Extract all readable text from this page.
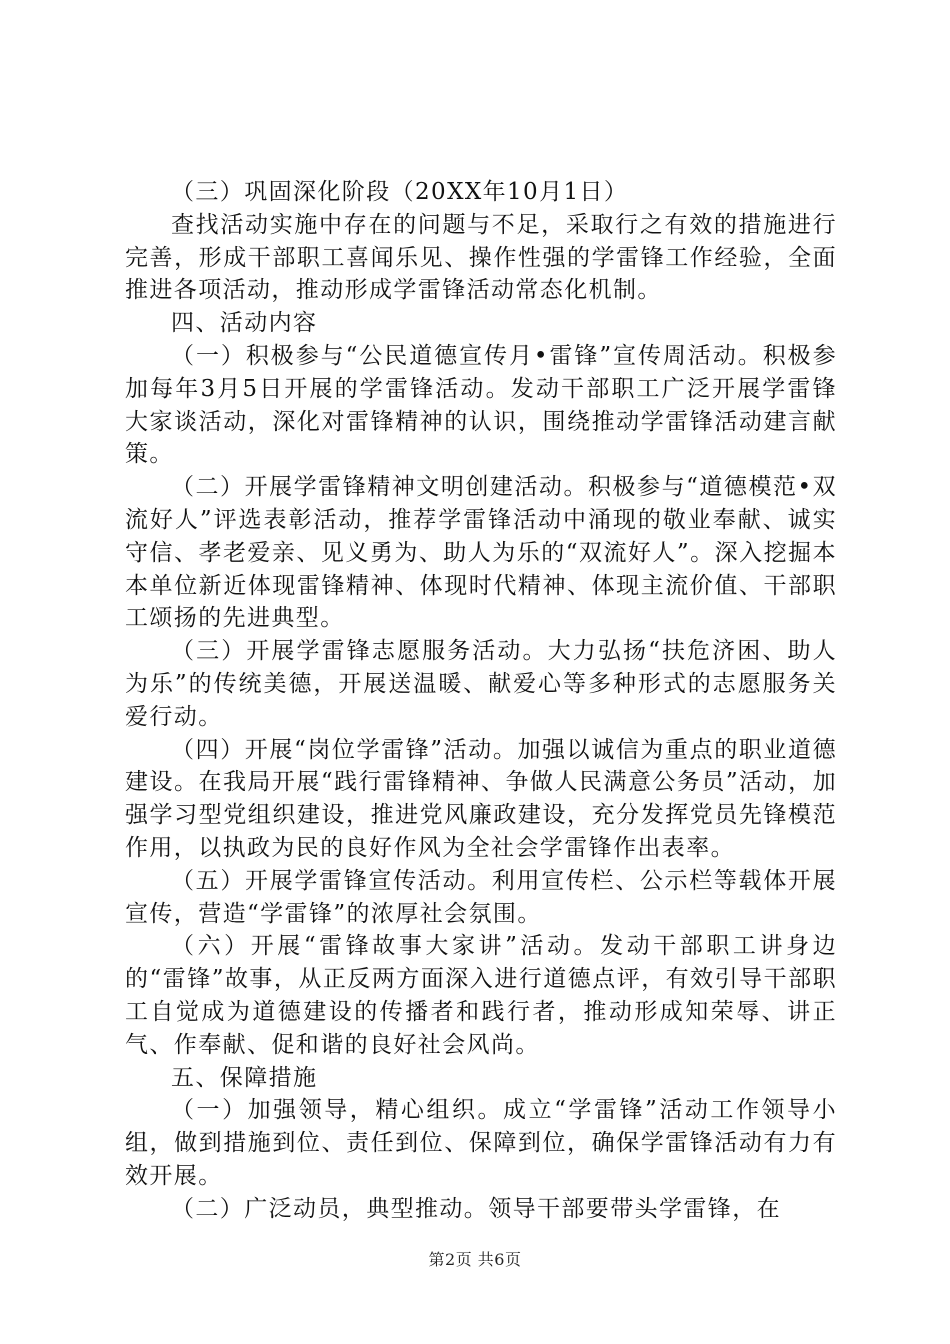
（三）巩固深化阶段（20XX年10月1日）

查找活动实施中存在的问题与不足，采取行之有效的措施进行完善，形成干部职工喜闻乐见、操作性强的学雷锋工作经验，全面推进各项活动，推动形成学雷锋活动常态化机制。

四、活动内容

（一）积极参与“公民道德宣传月•雷锋”宣传周活动。积极参加每年3月5日开展的学雷锋活动。发动干部职工广泛开展学雷锋大家谈活动，深化对雷锋精神的认识，围绕推动学雷锋活动建言献策。

（二）开展学雷锋精神文明创建活动。积极参与“道德模范•双流好人”评选表彰活动，推荐学雷锋活动中涌现的敬业奉献、诚实守信、孝老爱亲、见义勇为、助人为乐的“双流好人”。深入挖掘本本单位新近体现雷锋精神、体现时代精神、体现主流价值、干部职工颂扬的先进典型。

（三）开展学雷锋志愿服务活动。大力弘扬“扶危济困、助人为乐”的传统美德，开展送温暖、献爱心等多种形式的志愿服务关爱行动。

（四）开展“岗位学雷锋”活动。加强以诚信为重点的职业道德建设。在我局开展“践行雷锋精神、争做人民满意公务员”活动，加强学习型党组织建设，推进党风廉政建设，充分发挥党员先锋模范作用，以执政为民的良好作风为全社会学雷锋作出表率。

（五）开展学雷锋宣传活动。利用宣传栏、公示栏等载体开展宣传，营造“学雷锋”的浓厚社会氛围。

（六）开展“雷锋故事大家讲”活动。发动干部职工讲身边的“雷锋”故事，从正反两方面深入进行道德点评，有效引导干部职工自觉成为道德建设的传播者和践行者，推动形成知荣辱、讲正气、作奉献、促和谐的良好社会风尚。

五、保障措施

（一）加强领导，精心组织。成立“学雷锋”活动工作领导小组，做到措施到位、责任到位、保障到位，确保学雷锋活动有力有效开展。

（二）广泛动员，典型推动。领导干部要带头学雷锋，在

第2页 共6页
